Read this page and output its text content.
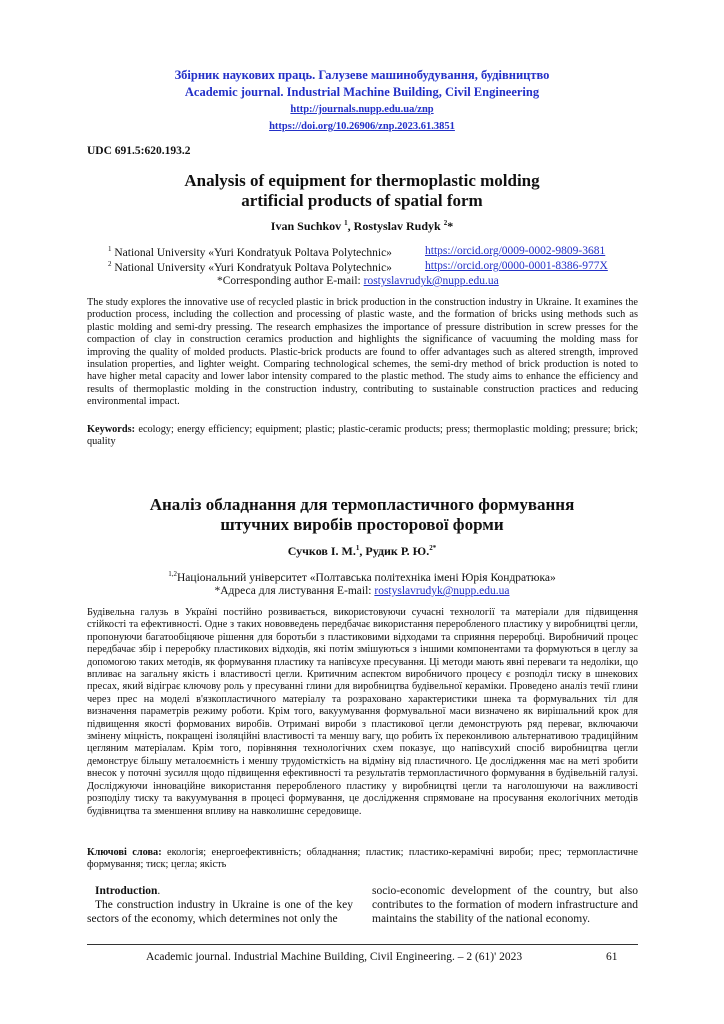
Збірник наукових праць. Галузеве машинобудування, будівництво
Academic journal. Industrial Machine Building, Civil Engineering
http://journals.nupp.edu.ua/znp
https://doi.org/10.26906/znp.2023.61.3851
UDC 691.5:620.193.2
Analysis of equipment for thermoplastic molding
artificial products of spatial form
Ivan Suchkov $^1$, Rostyslav Rudyk $^2$*
$^1$ National University «Yuri Kondratyuk Poltava Polytechnic»	https://orcid.org/0009-0002-9809-3681
$^2$ National University «Yuri Kondratyuk Poltava Polytechnic»	https://orcid.org/0000-0001-8386-977X
*Corresponding author E-mail: rostyslavrudyk@nupp.edu.ua

The study explores the innovative use of recycled plastic in brick production in the construction industry in Ukraine. It examines the production process, including the collection and processing of plastic waste, and the formation of bricks using methods such as plastic molding and semi-dry pressing. The research emphasizes the importance of pressure distribution in screw presses for the compaction of clay in construction ceramics production and highlights the significance of vacuuming the molding mass for improving the quality of molded products. Plastic-brick products are found to offer advantages such as altered strength, improved insulation properties, and lighter weight. Comparing technological schemes, the semi-dry method of brick production is noted to have higher metal capacity and lower labor intensity compared to the plastic method. The study aims to enhance the efficiency and results of thermoplastic molding in the construction industry, contributing to sustainable construction practices and reducing environmental impact.

Keywords: ecology; energy efficiency; equipment; plastic; plastic-ceramic products; press; thermoplastic molding; pressure; brick; quality

Аналіз обладнання для термопластичного формування
штучних виробів просторової форми
Сучков І. М.$^1$, Рудик Р. Ю.$^{2*}$
$^{1,2}$Національний університет «Полтавська політехніка імені Юрія Кондратюка»
*Адреса для листування E-mail: rostyslavrudyk@nupp.edu.ua

Будівельна галузь в Україні постійно розвивається, використовуючи сучасні технології та матеріали для підвищення стійкості та ефективності. Одне з таких нововведень передбачає використання переробленого пластику у виробництві цегли, пропонуючи багатообіцяюче рішення для боротьби з пластиковими відходами та сприяння переробці. Виробничий процес передбачає збір і переробку пластикових відходів, які потім змішуються з іншими компонентами та формуються в цеглу за допомогою таких методів, як формування пластику та напівсухе пресування. Ці методи мають явні переваги та недоліки, що впливає на загальну якість і властивості цегли. Критичним аспектом виробничого процесу є розподіл тиску в шнекових пресах, який відіграє ключову роль у пресуванні глини для виробництва будівельної кераміки. Проведено аналіз течії глини через прес на моделі в'язкопластичного матеріалу та розраховано характеристики шнека та формувальних тіл для визначення параметрів режиму роботи. Крім того, вакуумування формувальної маси визначено як вирішальний крок для підвищення якості формованих виробів. Отримані вироби з пластикової цегли демонструють ряд переваг, включаючи змінену міцність, покращені ізоляційні властивості та меншу вагу, що робить їх переконливою альтернативою традиційним цегляним матеріалам. Крім того, порівняння технологічних схем показує, що напівсухий спосіб виробництва цегли демонструє більшу металоємність і меншу трудомісткість на відміну від пластичного. Це дослідження має на меті зробити внесок у поточні зусилля щодо підвищення ефективності та результатів термопластичного формування в будівельній галузі. Досліджуючи інноваційне використання переробленого пластику у виробництві цегли та наголошуючи на важливості розподілу тиску та вакуумування в процесі формування, це дослідження спрямоване на просування екологічних методів будівництва та зменшення впливу на навколишнє середовище.

Ключові слова: екологія; енергоефективність; обладнання; пластик; пластико-керамічні вироби; прес; термопластичне формування; тиск; цегла; якість

Introduction.
The construction industry in Ukraine is one of the key sectors of the economy, which determines not only the
socio-economic development of the country, but also contributes to the formation of modern infrastructure and maintains the stability of the national economy.
Academic journal. Industrial Machine Building, Civil Engineering. – 2 (61)' 2023	61
